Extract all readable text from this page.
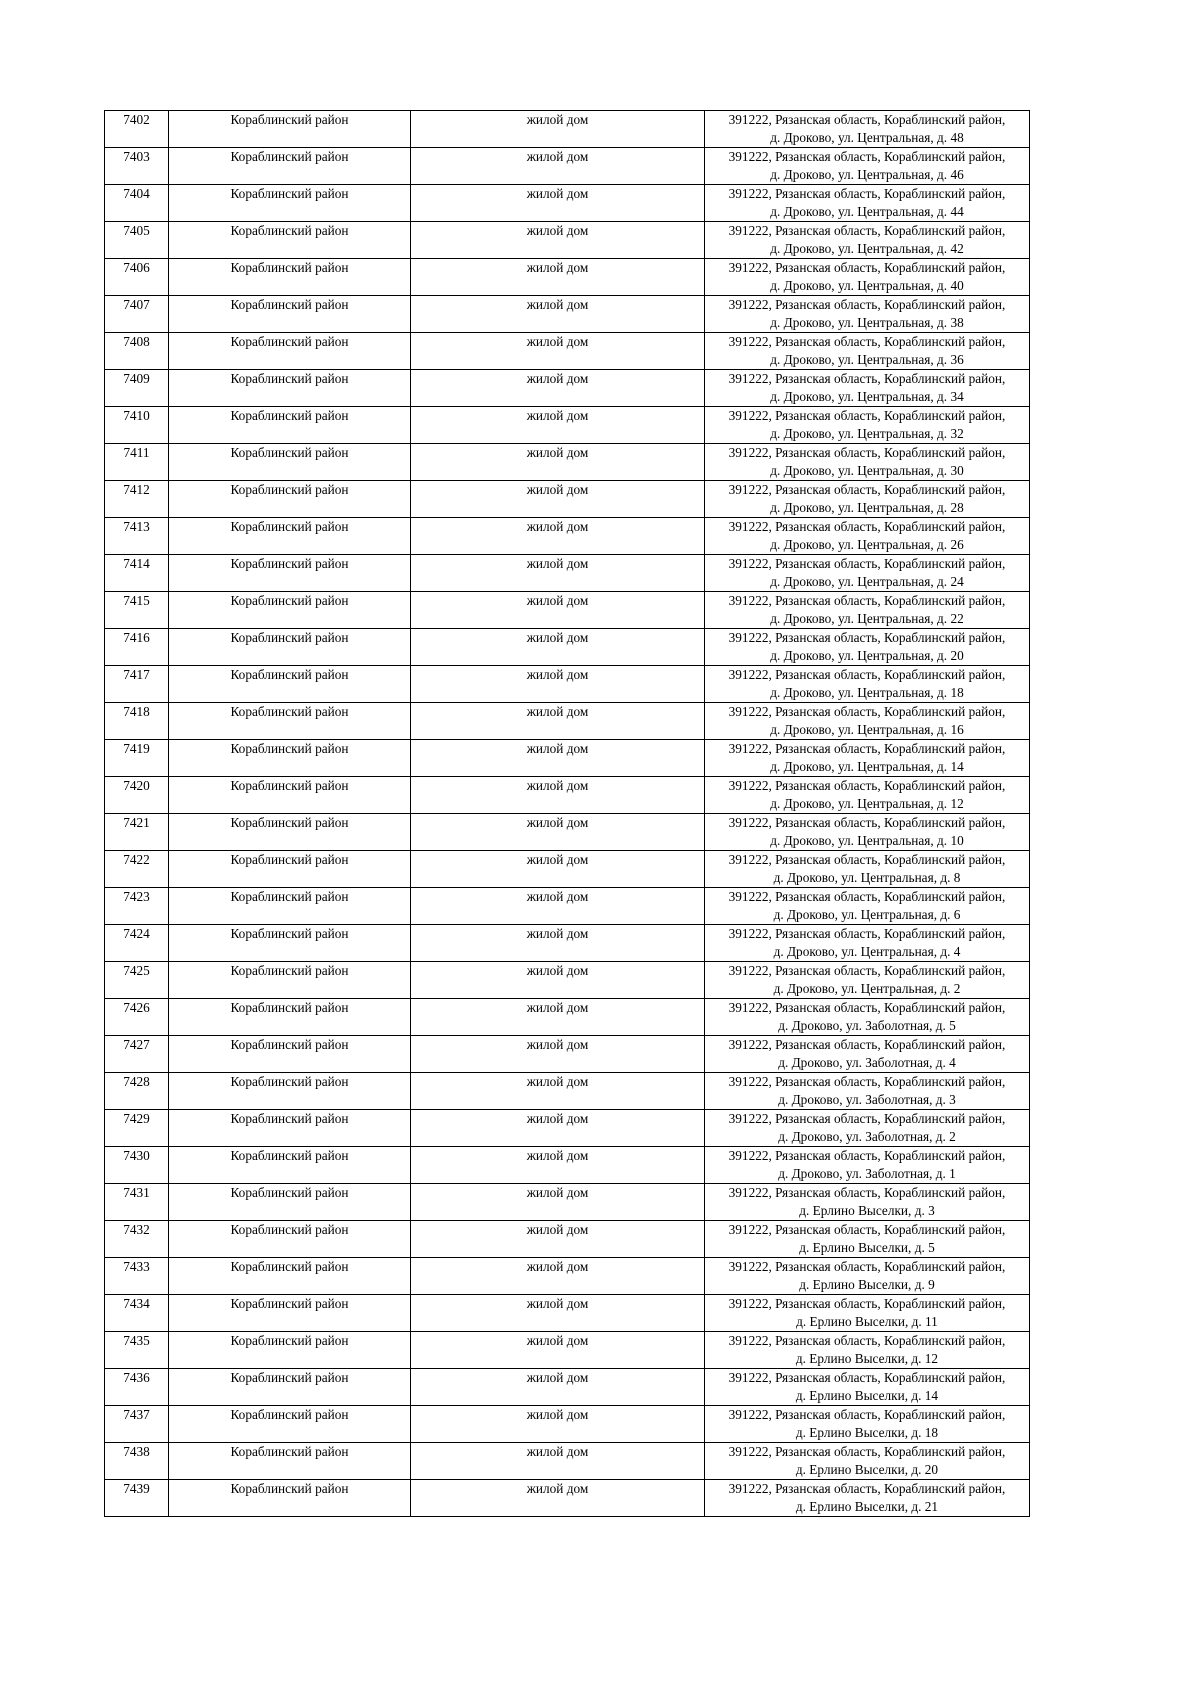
7402	Кораблинский район	жилой дом	391222, Рязанская область, Кораблинский район,
д. Дроково, ул. Центральная, д. 48

7403	Кораблинский район	жилой дом	391222, Рязанская область, Кораблинский район,
д. Дроково, ул. Центральная, д. 46

7404	Кораблинский район	жилой дом	391222, Рязанская область, Кораблинский район,
д. Дроково, ул. Центральная, д. 44

7405	Кораблинский район	жилой дом	391222, Рязанская область, Кораблинский район,
д. Дроково, ул. Центральная, д. 42

7406	Кораблинский район	жилой дом	391222, Рязанская область, Кораблинский район,
д. Дроково, ул. Центральная, д. 40

7407	Кораблинский район	жилой дом	391222, Рязанская область, Кораблинский район,
д. Дроково, ул. Центральная, д. 38

7408	Кораблинский район	жилой дом	391222, Рязанская область, Кораблинский район,
д. Дроково, ул. Центральная, д. 36

7409	Кораблинский район	жилой дом	391222, Рязанская область, Кораблинский район,
д. Дроково, ул. Центральная, д. 34

7410	Кораблинский район	жилой дом	391222, Рязанская область, Кораблинский район,
д. Дроково, ул. Центральная, д. 32

7411	Кораблинский район	жилой дом	391222, Рязанская область, Кораблинский район,
д. Дроково, ул. Центральная, д. 30

7412	Кораблинский район	жилой дом	391222, Рязанская область, Кораблинский район,
д. Дроково, ул. Центральная, д. 28

7413	Кораблинский район	жилой дом	391222, Рязанская область, Кораблинский район,
д. Дроково, ул. Центральная, д. 26

7414	Кораблинский район	жилой дом	391222, Рязанская область, Кораблинский район,
д. Дроково, ул. Центральная, д. 24

7415	Кораблинский район	жилой дом	391222, Рязанская область, Кораблинский район,
д. Дроково, ул. Центральная, д. 22

7416	Кораблинский район	жилой дом	391222, Рязанская область, Кораблинский район,
д. Дроково, ул. Центральная, д. 20

7417	Кораблинский район	жилой дом	391222, Рязанская область, Кораблинский район,
д. Дроково, ул. Центральная, д. 18

7418	Кораблинский район	жилой дом	391222, Рязанская область, Кораблинский район,
д. Дроково, ул. Центральная, д. 16

7419	Кораблинский район	жилой дом	391222, Рязанская область, Кораблинский район,
д. Дроково, ул. Центральная, д. 14

7420	Кораблинский район	жилой дом	391222, Рязанская область, Кораблинский район,
д. Дроково, ул. Центральная, д. 12

7421	Кораблинский район	жилой дом	391222, Рязанская область, Кораблинский район,
д. Дроково, ул. Центральная, д. 10

7422	Кораблинский район	жилой дом	391222, Рязанская область, Кораблинский район,
д. Дроково, ул. Центральная, д. 8

7423	Кораблинский район	жилой дом	391222, Рязанская область, Кораблинский район,
д. Дроково, ул. Центральная, д. 6

7424	Кораблинский район	жилой дом	391222, Рязанская область, Кораблинский район,
д. Дроково, ул. Центральная, д. 4

7425	Кораблинский район	жилой дом	391222, Рязанская область, Кораблинский район,
д. Дроково, ул. Центральная, д. 2

7426	Кораблинский район	жилой дом	391222, Рязанская область, Кораблинский район,
д. Дроково, ул. Заболотная, д. 5

7427	Кораблинский район	жилой дом	391222, Рязанская область, Кораблинский район,
д. Дроково, ул. Заболотная, д. 4

7428	Кораблинский район	жилой дом	391222, Рязанская область, Кораблинский район,
д. Дроково, ул. Заболотная, д. 3

7429	Кораблинский район	жилой дом	391222, Рязанская область, Кораблинский район,
д. Дроково, ул. Заболотная, д. 2

7430	Кораблинский район	жилой дом	391222, Рязанская область, Кораблинский район,
д. Дроково, ул. Заболотная, д. 1

7431	Кораблинский район	жилой дом	391222, Рязанская область, Кораблинский район,
д. Ерлино Выселки, д. 3

7432	Кораблинский район	жилой дом	391222, Рязанская область, Кораблинский район,
д. Ерлино Выселки, д. 5

7433	Кораблинский район	жилой дом	391222, Рязанская область, Кораблинский район,
д. Ерлино Выселки, д. 9

7434	Кораблинский район	жилой дом	391222, Рязанская область, Кораблинский район,
д. Ерлино Выселки, д. 11

7435	Кораблинский район	жилой дом	391222, Рязанская область, Кораблинский район,
д. Ерлино Выселки, д. 12

7436	Кораблинский район	жилой дом	391222, Рязанская область, Кораблинский район,
д. Ерлино Выселки, д. 14

7437	Кораблинский район	жилой дом	391222, Рязанская область, Кораблинский район,
д. Ерлино Выселки, д. 18

7438	Кораблинский район	жилой дом	391222, Рязанская область, Кораблинский район,
д. Ерлино Выселки, д. 20

7439	Кораблинский район	жилой дом	391222, Рязанская область, Кораблинский район,
д. Ерлино Выселки, д. 21
